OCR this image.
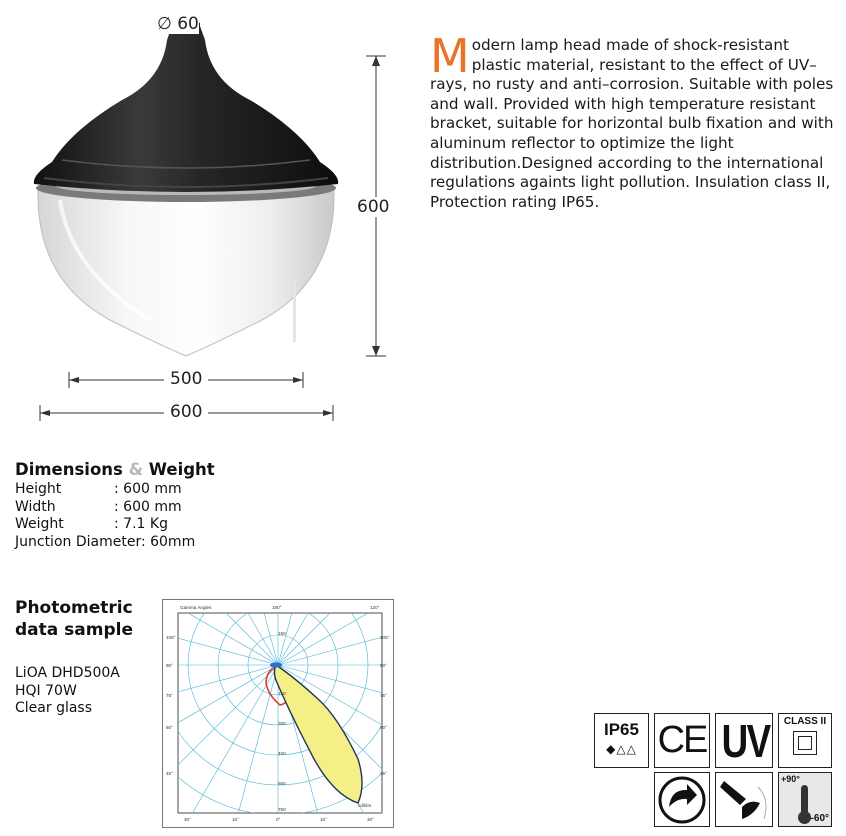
∅ 60
600
500
600
Modern lamp head made of shock-resistant plastic material, resistant to the effect of UV–rays, no rusty and anti–corrosion. Suitable with poles and wall. Provided with high temperature resistant bracket, suitable for horizontal bulb fixation and with aluminum reflector to optimize the light distribution.Designed according to the international regulations againts light pollution. Insulation class II, Protection rating IP65.
Dimensions & Weight
Height	: 600 mm
Width	: 600 mm
Weight	: 7.1 Kg
Junction Diameter: 60mm
Photometric
data sample
LiOA DHD500A
HQI 70W
Clear glass
Gamma Angles	180°	120°
105°
90°
75°
60°
45°
105°
90°
75°
60°
45°
30°	15°	0°	15°	30°
150
150
300
450
600
750
cd/klm
IP65
◆△△ CE UV	CLASS II
+90°
-60°
